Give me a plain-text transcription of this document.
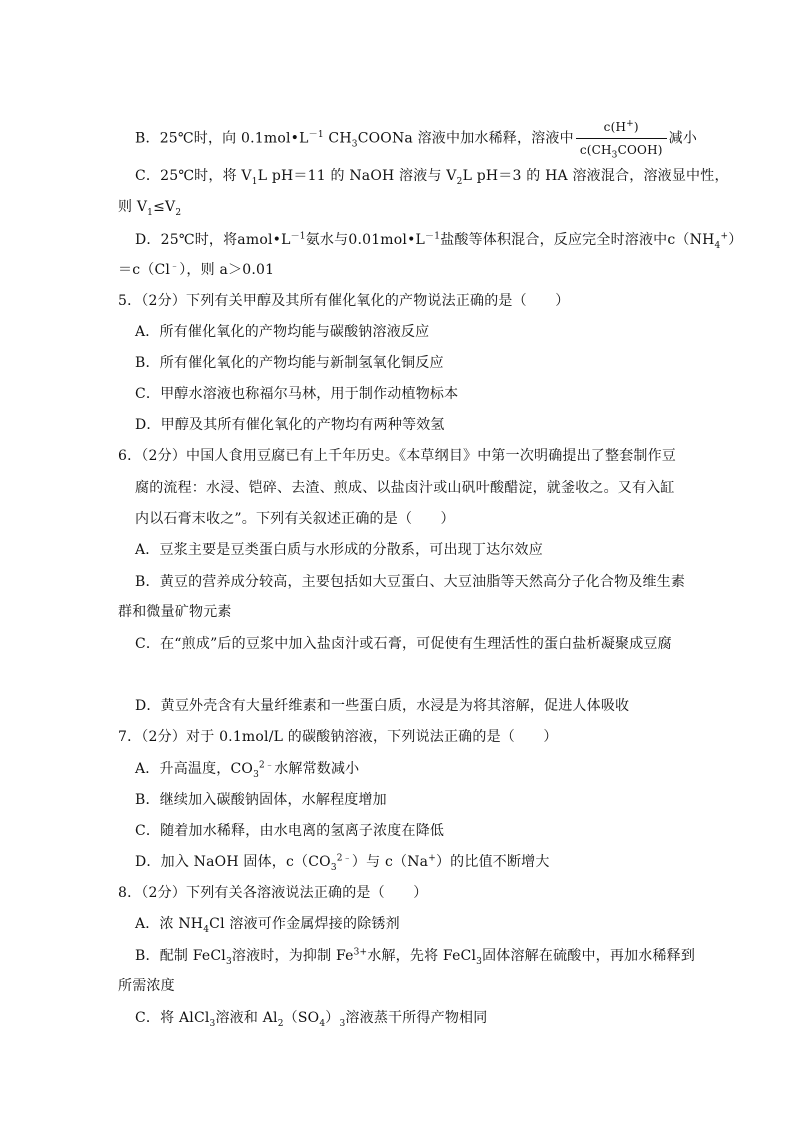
B．25℃时，向 $0.1mol•L^{-1}$ $CH_3COONa$ 溶液中加水稀释，溶液中 $\frac{c(H^+)}{c(CH_3COOH)}$ 减小
C．25℃时，将 $V_1L$ pH＝11 的 NaOH 溶液与 $V_2L$ pH＝3 的 HA 溶液混合，溶液显中性，
则 $V_1\le V_2$
D．25℃时，将$amol•L^{-1}$氨水与$0.01mol•L^{-1}$盐酸等体积混合，反应完全时溶液中$c(NH_4^+)$
＝c（Cl﹣），则 a＞0.01
5．（2分）下列有关甲醇及其所有催化氧化的产物说法正确的是（　　）
A．所有催化氧化的产物均能与碳酸钠溶液反应
B．所有催化氧化的产物均能与新制氢氧化铜反应
C．甲醇水溶液也称福尔马林，用于制作动植物标本
D．甲醇及其所有催化氧化的产物均有两种等效氢
6．（2分）中国人食用豆腐已有上千年历史。《本草纲目》中第一次明确提出了整套制作豆
腐的流程：水浸、铠碎、去渣、煎成、以盐卤汁或山矾叶酸醋淀，就釜收之。又有入缸
内以石膏末收之”。下列有关叙述正确的是（　　）
A．豆浆主要是豆类蛋白质与水形成的分散系，可出现丁达尔效应
B．黄豆的营养成分较高，主要包括如大豆蛋白、大豆油脂等天然高分子化合物及维生素
群和微量矿物元素
C．在“煎成”后的豆浆中加入盐卤汁或石膏，可促使有生理活性的蛋白盐析凝聚成豆腐
D．黄豆外壳含有大量纤维素和一些蛋白质，水浸是为将其溶解，促进人体吸收
7．（2分）对于 0.1mol/L 的碳酸钠溶液，下列说法正确的是（　　）
A．升高温度，$CO_3^{2﹣}$水解常数减小
B．继续加入碳酸钠固体，水解程度增加
C．随着加水稀释，由水电离的氢离子浓度在降低
D．加入 NaOH 固体，$c(CO_3^{2﹣})$与 c（Na+）的比值不断增大
8．（2分）下列有关各溶液说法正确的是（　　）
A．浓 $NH_4Cl$ 溶液可作金属焊接的除锈剂
B．配制 FeCl$_3$溶液时，为抑制 $Fe^{3+}$水解，先将 FeCl$_3$固体溶解在硫酸中，再加水稀释到
所需浓度
C．将 AlCl$_3$溶液和 $Al_2(SO_4)_3$溶液蒸干所得产物相同
